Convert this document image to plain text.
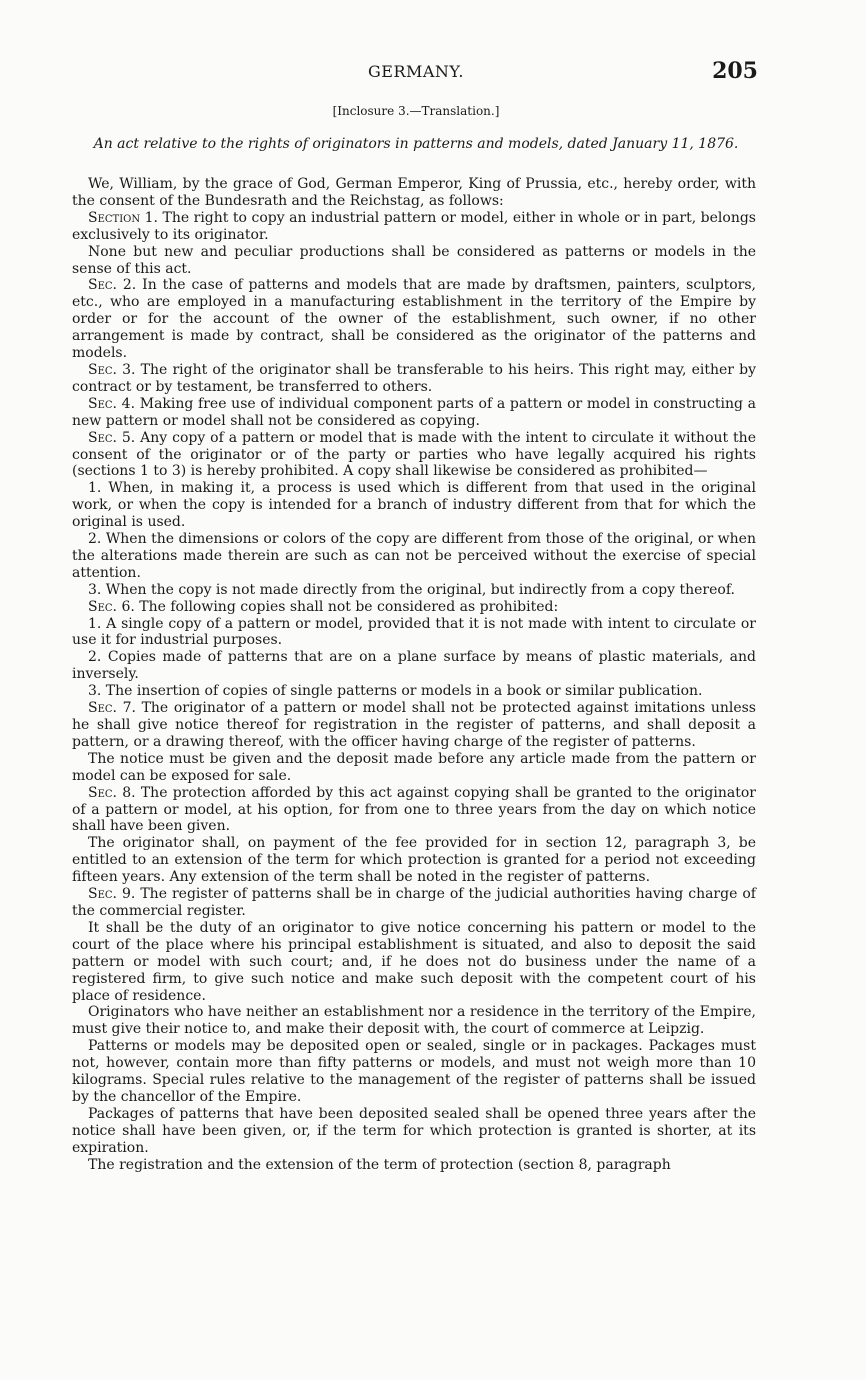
GERMANY.	205
[Inclosure 3.—Translation.]
An act relative to the rights of originators in patterns and models, dated January 11, 1876.

We, William, by the grace of God, German Emperor, King of Prussia, etc., hereby order, with the consent of the Bundesrath and the Reichstag, as follows:

Section 1. The right to copy an industrial pattern or model, either in whole or in part, belongs exclusively to its originator.

None but new and peculiar productions shall be considered as patterns or models in the sense of this act.

Sec. 2. In the case of patterns and models that are made by draftsmen, painters, sculptors, etc., who are employed in a manufacturing establishment in the territory of the Empire by order or for the account of the owner of the establishment, such owner, if no other arrangement is made by contract, shall be considered as the originator of the patterns and models.

Sec. 3. The right of the originator shall be transferable to his heirs. This right may, either by contract or by testament, be transferred to others.

Sec. 4. Making free use of individual component parts of a pattern or model in constructing a new pattern or model shall not be considered as copying.

Sec. 5. Any copy of a pattern or model that is made with the intent to circulate it without the consent of the originator or of the party or parties who have legally acquired his rights (sections 1 to 3) is hereby prohibited. A copy shall likewise be considered as prohibited—

1. When, in making it, a process is used which is different from that used in the original work, or when the copy is intended for a branch of industry different from that for which the original is used.

2. When the dimensions or colors of the copy are different from those of the original, or when the alterations made therein are such as can not be perceived without the exercise of special attention.

3. When the copy is not made directly from the original, but indirectly from a copy thereof.

Sec. 6. The following copies shall not be considered as prohibited:

1. A single copy of a pattern or model, provided that it is not made with intent to circulate or use it for industrial purposes.

2. Copies made of patterns that are on a plane surface by means of plastic materials, and inversely.

3. The insertion of copies of single patterns or models in a book or similar publication.

Sec. 7. The originator of a pattern or model shall not be protected against imitations unless he shall give notice thereof for registration in the register of patterns, and shall deposit a pattern, or a drawing thereof, with the officer having charge of the register of patterns.

The notice must be given and the deposit made before any article made from the pattern or model can be exposed for sale.

Sec. 8. The protection afforded by this act against copying shall be granted to the originator of a pattern or model, at his option, for from one to three years from the day on which notice shall have been given.

The originator shall, on payment of the fee provided for in section 12, paragraph 3, be entitled to an extension of the term for which protection is granted for a period not exceeding fifteen years. Any extension of the term shall be noted in the register of patterns.

Sec. 9. The register of patterns shall be in charge of the judicial authorities having charge of the commercial register.

It shall be the duty of an originator to give notice concerning his pattern or model to the court of the place where his principal establishment is situated, and also to deposit the said pattern or model with such court; and, if he does not do business under the name of a registered firm, to give such notice and make such deposit with the competent court of his place of residence.

Originators who have neither an establishment nor a residence in the territory of the Empire, must give their notice to, and make their deposit with, the court of commerce at Leipzig.

Patterns or models may be deposited open or sealed, single or in packages. Packages must not, however, contain more than fifty patterns or models, and must not weigh more than 10 kilograms. Special rules relative to the management of the register of patterns shall be issued by the chancellor of the Empire.

Packages of patterns that have been deposited sealed shall be opened three years after the notice shall have been given, or, if the term for which protection is granted is shorter, at its expiration.

The registration and the extension of the term of protection (section 8, paragraph
